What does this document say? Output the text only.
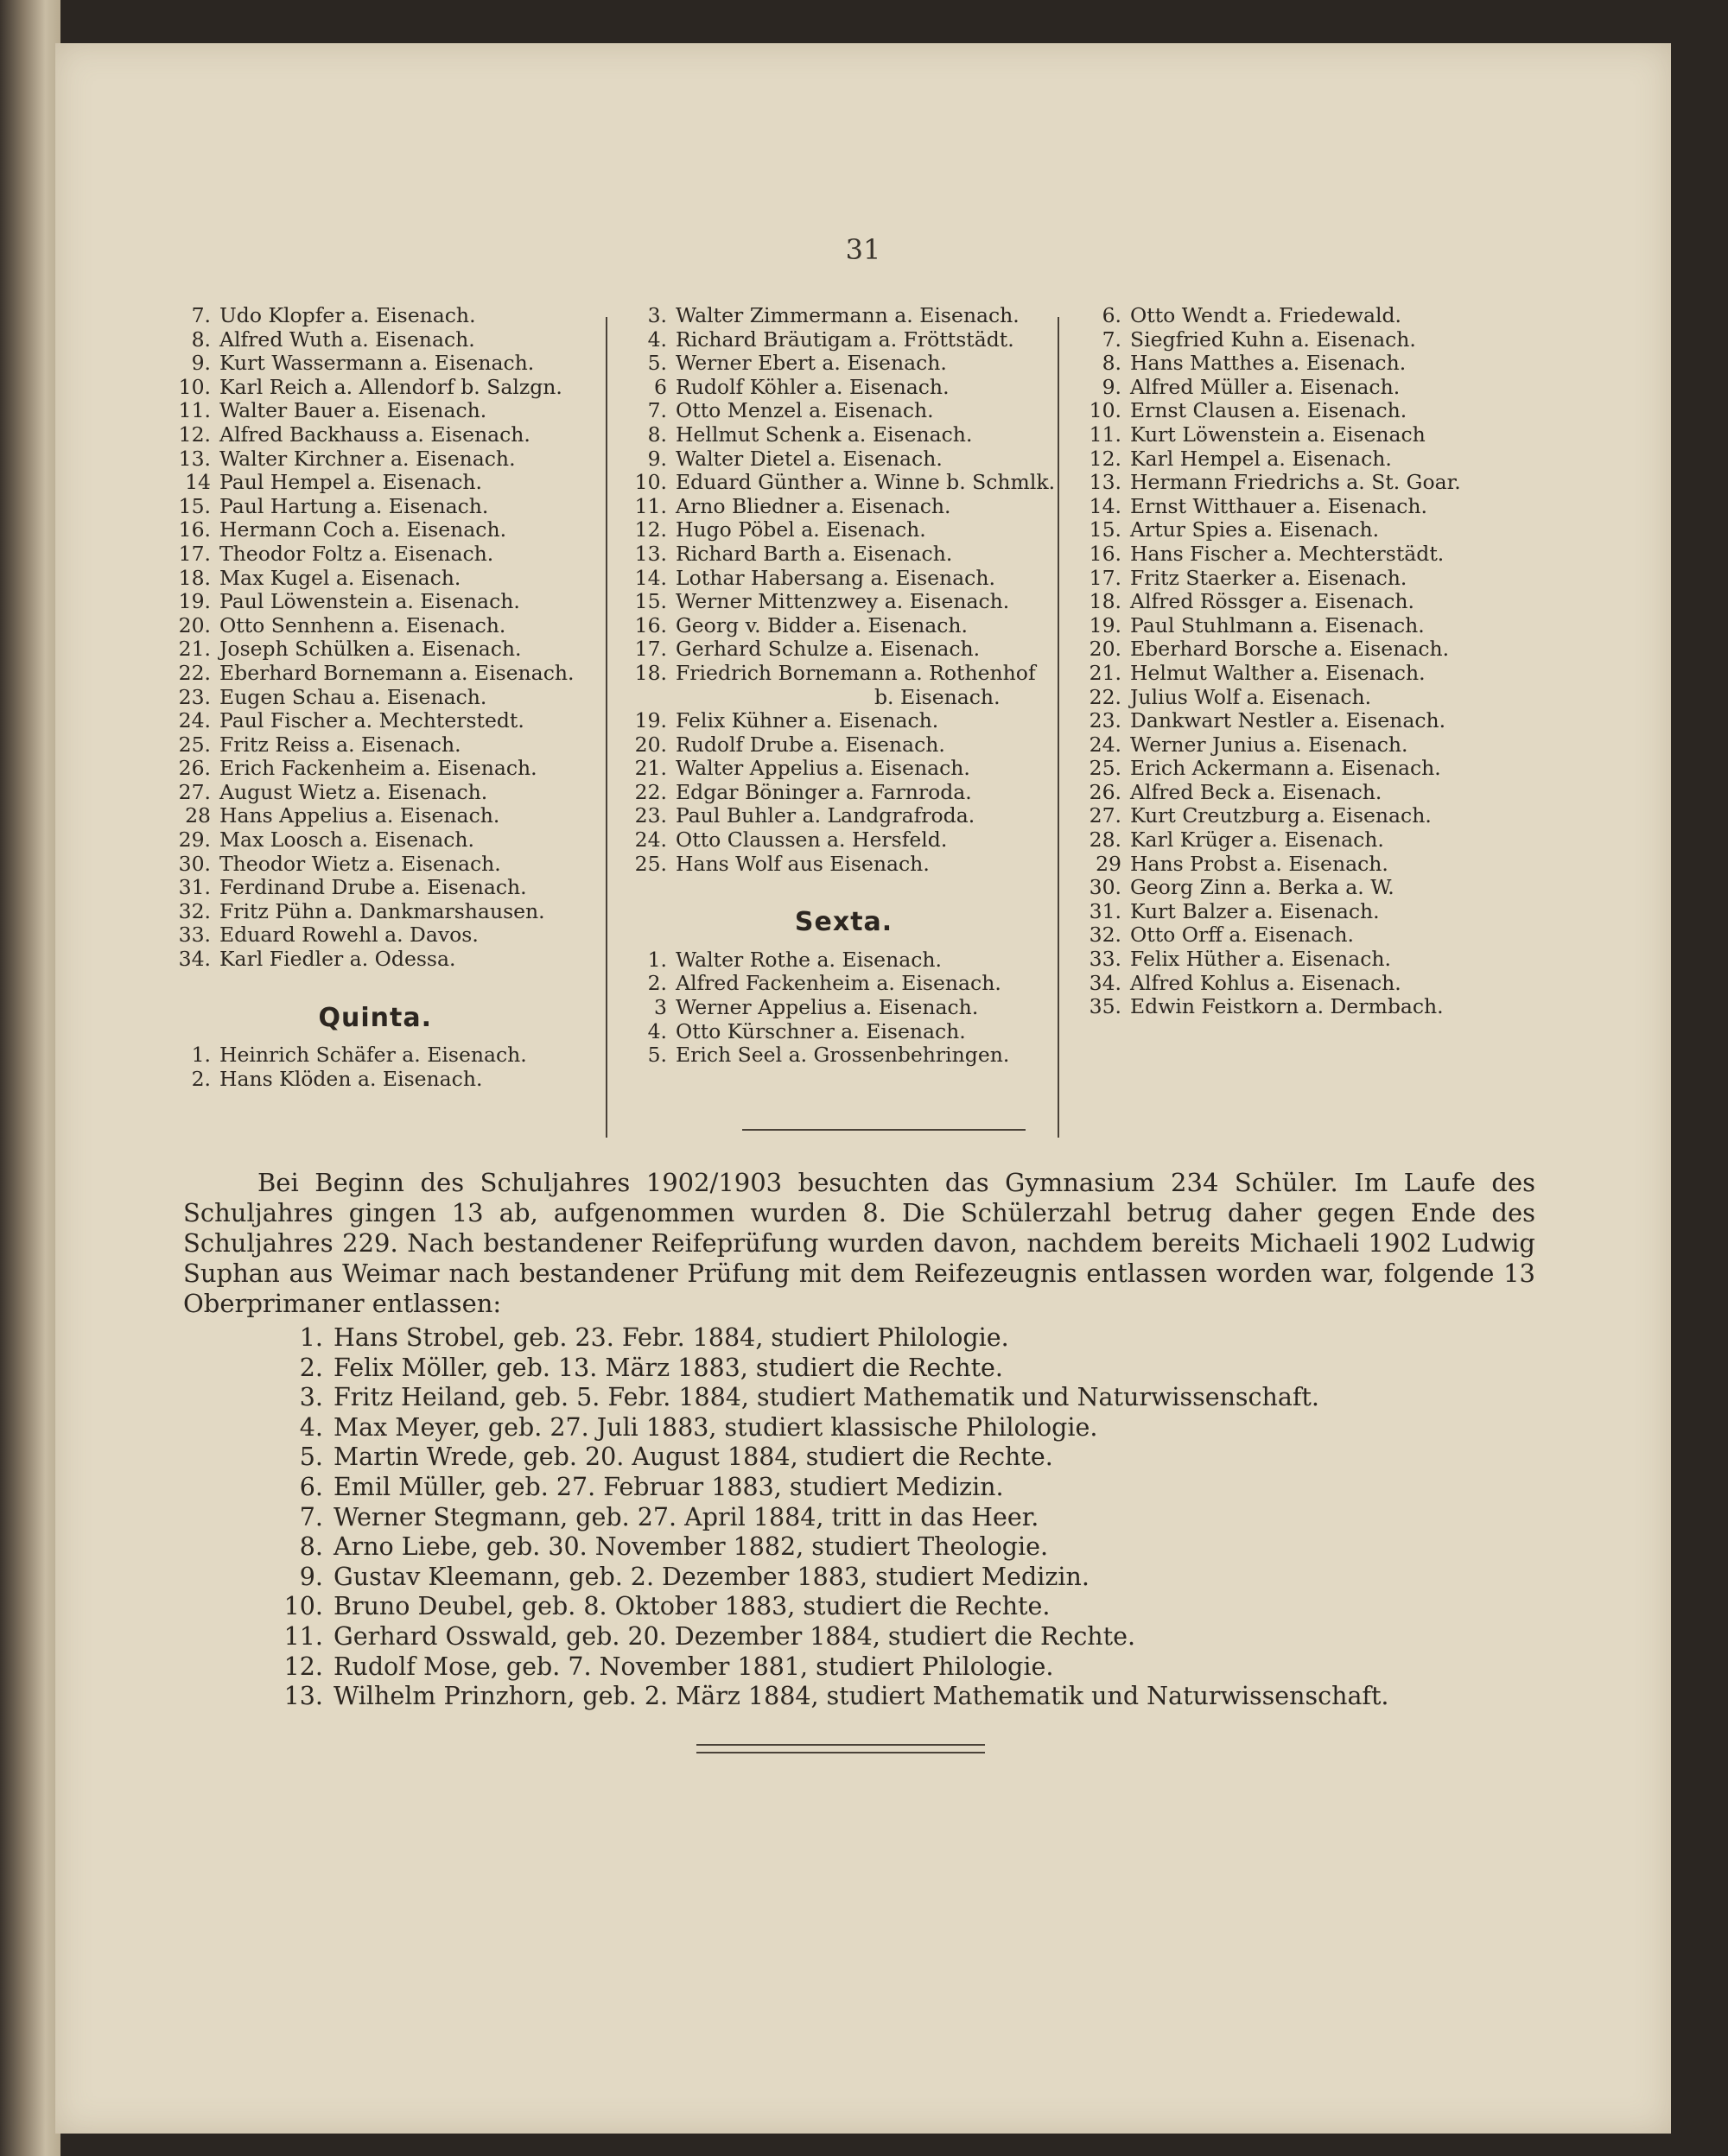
31
7. Udo Klopfer a. Eisenach.
8. Alfred Wuth a. Eisenach.
9. Kurt Wassermann a. Eisenach.
10. Karl Reich a. Allendorf b. Salzgn.
11. Walter Bauer a. Eisenach.
12. Alfred Backhauss a. Eisenach.
13. Walter Kirchner a. Eisenach.
14 Paul Hempel a. Eisenach.
15. Paul Hartung a. Eisenach.
16. Hermann Coch a. Eisenach.
17. Theodor Foltz a. Eisenach.
18. Max Kugel a. Eisenach.
19. Paul Löwenstein a. Eisenach.
20. Otto Sennhenn a. Eisenach.
21. Joseph Schülken a. Eisenach.
22. Eberhard Bornemann a. Eisenach.
23. Eugen Schau a. Eisenach.
24. Paul Fischer a. Mechterstedt.
25. Fritz Reiss a. Eisenach.
26. Erich Fackenheim a. Eisenach.
27. August Wietz a. Eisenach.
28 Hans Appelius a. Eisenach.
29. Max Loosch a. Eisenach.
30. Theodor Wietz a. Eisenach.
31. Ferdinand Drube a. Eisenach.
32. Fritz Pühn a. Dankmarshausen.
33. Eduard Rowehl a. Davos.
34. Karl Fiedler a. Odessa.
Quinta.
1. Heinrich Schäfer a. Eisenach.
2. Hans Klöden a. Eisenach.
3. Walter Zimmermann a. Eisenach.
4. Richard Bräutigam a. Fröttstädt.
5. Werner Ebert a. Eisenach.
6 Rudolf Köhler a. Eisenach.
7. Otto Menzel a. Eisenach.
8. Hellmut Schenk a. Eisenach.
9. Walter Dietel a. Eisenach.
10. Eduard Günther a. Winne b. Schmlk.
11. Arno Bliedner a. Eisenach.
12. Hugo Pöbel a. Eisenach.
13. Richard Barth a. Eisenach.
14. Lothar Habersang a. Eisenach.
15. Werner Mittenzwey a. Eisenach.
16. Georg v. Bidder a. Eisenach.
17. Gerhard Schulze a. Eisenach.
18. Friedrich Bornemann a. Rothenhof
b. Eisenach.
19. Felix Kühner a. Eisenach.
20. Rudolf Drube a. Eisenach.
21. Walter Appelius a. Eisenach.
22. Edgar Böninger a. Farnroda.
23. Paul Buhler a. Landgrafroda.
24. Otto Claussen a. Hersfeld.
25. Hans Wolf aus Eisenach.
Sexta.
1. Walter Rothe a. Eisenach.
2. Alfred Fackenheim a. Eisenach.
3 Werner Appelius a. Eisenach.
4. Otto Kürschner a. Eisenach.
5. Erich Seel a. Grossenbehringen.
6. Otto Wendt a. Friedewald.
7. Siegfried Kuhn a. Eisenach.
8. Hans Matthes a. Eisenach.
9. Alfred Müller a. Eisenach.
10. Ernst Clausen a. Eisenach.
11. Kurt Löwenstein a. Eisenach
12. Karl Hempel a. Eisenach.
13. Hermann Friedrichs a. St. Goar.
14. Ernst Witthauer a. Eisenach.
15. Artur Spies a. Eisenach.
16. Hans Fischer a. Mechterstädt.
17. Fritz Staerker a. Eisenach.
18. Alfred Rössger a. Eisenach.
19. Paul Stuhlmann a. Eisenach.
20. Eberhard Borsche a. Eisenach.
21. Helmut Walther a. Eisenach.
22. Julius Wolf a. Eisenach.
23. Dankwart Nestler a. Eisenach.
24. Werner Junius a. Eisenach.
25. Erich Ackermann a. Eisenach.
26. Alfred Beck a. Eisenach.
27. Kurt Creutzburg a. Eisenach.
28. Karl Krüger a. Eisenach.
29 Hans Probst a. Eisenach.
30. Georg Zinn a. Berka a. W.
31. Kurt Balzer a. Eisenach.
32. Otto Orff a. Eisenach.
33. Felix Hüther a. Eisenach.
34. Alfred Kohlus a. Eisenach.
35. Edwin Feistkorn a. Dermbach.

Bei Beginn des Schuljahres 1902/1903 besuchten das Gymnasium 234 Schüler. Im Laufe des Schuljahres gingen 13 ab, aufgenommen wurden 8. Die Schülerzahl betrug daher gegen Ende des Schuljahres 229. Nach bestandener Reifeprüfung wurden davon, nachdem bereits Michaeli 1902 Ludwig Suphan aus Weimar nach bestandener Prüfung mit dem Reifezeugnis entlassen worden war, folgende 13 Oberprimaner entlassen:

1. Hans Strobel, geb. 23. Febr. 1884, studiert Philologie.
2. Felix Möller, geb. 13. März 1883, studiert die Rechte.
3. Fritz Heiland, geb. 5. Febr. 1884, studiert Mathematik und Naturwissenschaft.
4. Max Meyer, geb. 27. Juli 1883, studiert klassische Philologie.
5. Martin Wrede, geb. 20. August 1884, studiert die Rechte.
6. Emil Müller, geb. 27. Februar 1883, studiert Medizin.
7. Werner Stegmann, geb. 27. April 1884, tritt in das Heer.
8. Arno Liebe, geb. 30. November 1882, studiert Theologie.
9. Gustav Kleemann, geb. 2. Dezember 1883, studiert Medizin.
10. Bruno Deubel, geb. 8. Oktober 1883, studiert die Rechte.
11. Gerhard Osswald, geb. 20. Dezember 1884, studiert die Rechte.
12. Rudolf Mose, geb. 7. November 1881, studiert Philologie.
13. Wilhelm Prinzhorn, geb. 2. März 1884, studiert Mathematik und Naturwissenschaft.
